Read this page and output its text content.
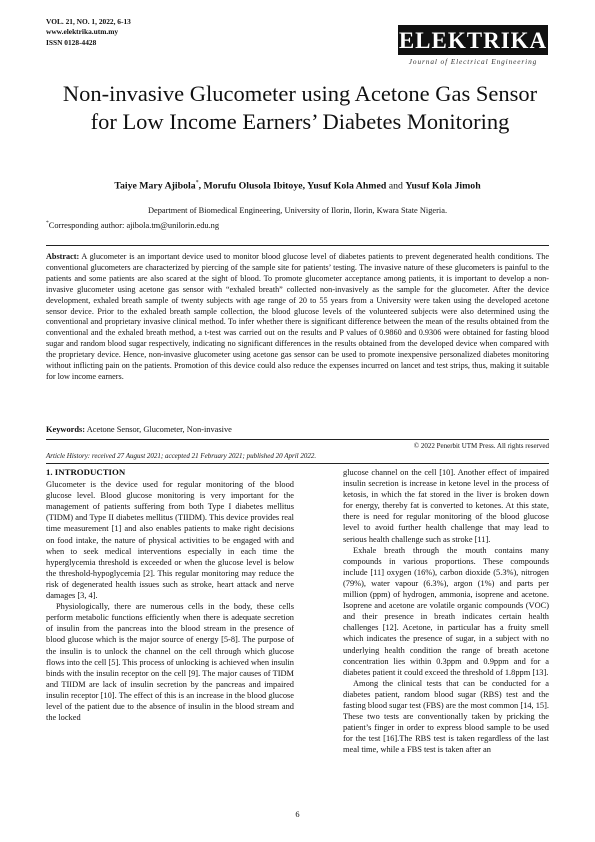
VOL. 21, NO. 1, 2022, 6-13
www.elektrika.utm.my
ISSN 0128-4428	ELEKTRIKA
Journal of Electrical Engineering
Non-invasive Glucometer using Acetone Gas Sensor for Low Income Earners’ Diabetes Monitoring
Taiye Mary Ajibola*, Morufu Olusola Ibitoye, Yusuf Kola Ahmed and Yusuf Kola Jimoh
Department of Biomedical Engineering, University of Ilorin, Ilorin, Kwara State Nigeria.
*Corresponding author: ajibola.tm@unilorin.edu.ng
Abstract: A glucometer is an important device used to monitor blood glucose level of diabetes patients to prevent degenerated health conditions. The conventional glucometers are characterized by piercing of the sample site for patients’ testing. The invasive nature of these glucometers is painful to the patients and some patients are also scared at the sight of blood. To promote glucometer acceptance among patients, it is important to develop a non-invasive glucometer using acetone gas sensor with “exhaled breath” collected non-invasively as the sample for the glucometer. After the device development, exhaled breath sample of twenty subjects with age range of 20 to 55 years from a University were taken using the developed acetone sensor device. Prior to the exhaled breath sample collection, the blood glucose levels of the volunteered subjects were also determined using the conventional and proprietary invasive clinical method. To infer whether there is significant difference between the mean of the results obtained from the conventional and the exhaled breath method, a t-test was carried out on the results and P values of 0.9860 and 0.9306 were obtained for fasting blood sugar and random blood sugar respectively, indicating no significant differences in the results obtained from the developed device when compared with the proprietary device. Hence, non-invasive glucometer using acetone gas sensor can be used to promote inexpensive personalized diabetes monitoring without inflicting pain on the patients. Promotion of this device could also reduce the expenses incurred on lancet and test strips, thus, making it suitable for low income earners.
Keywords: Acetone Sensor, Glucometer, Non-invasive
© 2022 Penerbit UTM Press. All rights reserved
Article History: received 27 August 2021; accepted 21 February 2021; published 20 April 2022.
1. INTRODUCTION

Glucometer is the device used for regular monitoring of the blood glucose level. Blood glucose monitoring is very important for the management of patients suffering from both Type I diabetes mellitus (TIDM) and Type II diabetes mellitus (TIIDM). This device provides real time measurement [1] and also enables patients to make right decisions on food intake, the nature of physical activities to be engaged with and when to seek medical interventions especially in each time the hyperglycemia threshold is exceeded or when the glucose level is below the threshold-hypoglycemia [2]. This regular monitoring may reduce the risk of degenerated health issues such as stroke, heart attack and nerve damages [3, 4].

Physiologically, there are numerous cells in the body, these cells perform metabolic functions efficiently when there is adequate secretion of insulin from the pancreas into the blood stream in the presence of blood glucose which is the major source of energy [5-8]. The purpose of the insulin is to unlock the channel on the cell through which glucose flows into the cell [5]. This process of unlocking is achieved when insulin binds with the insulin receptor on the cell [9]. The major causes of TIDM and TIIDM are lack of insulin secretion by the pancreas and impaired insulin receptor [10]. The effect of this is an increase in the blood glucose level of the patient due to the absence of insulin in the blood stream and the locked

glucose channel on the cell [10]. Another effect of impaired insulin secretion is increase in ketone level in the process of ketosis, in which the fat stored in the liver is broken down for energy, thereby fat is converted to ketones. At this state, there is need for regular monitoring of the blood glucose level to avoid further health challenge that may lead to serious health challenge such as stroke [11].

Exhale breath through the mouth contains many compounds in various proportions. These compounds include [11] oxygen (16%), carbon dioxide (5.3%), nitrogen (79%), water vapour (6.3%), argon (1%) and parts per million (ppm) of hydrogen, ammonia, isoprene and acetone. Isoprene and acetone are volatile organic compounds (VOC) and their presence in breath indicates certain health challenges [12]. Acetone, in particular has a fruity smell which indicates the presence of sugar, in a subject with no underlying health condition the range of breath acetone concentration lies within 0.3ppm and 0.9ppm and for a diabetes patient it could exceed the threshold of 1.8ppm [13].

Among the clinical tests that can be conducted for a diabetes patient, random blood sugar (RBS) test and the fasting blood sugar test (FBS) are the most common [14, 15]. These two tests are conventionally taken by pricking the patient’s finger in order to express blood sample to be used for the test [16].The RBS test is taken regardless of the last meal time, while a FBS test is taken after an

6
